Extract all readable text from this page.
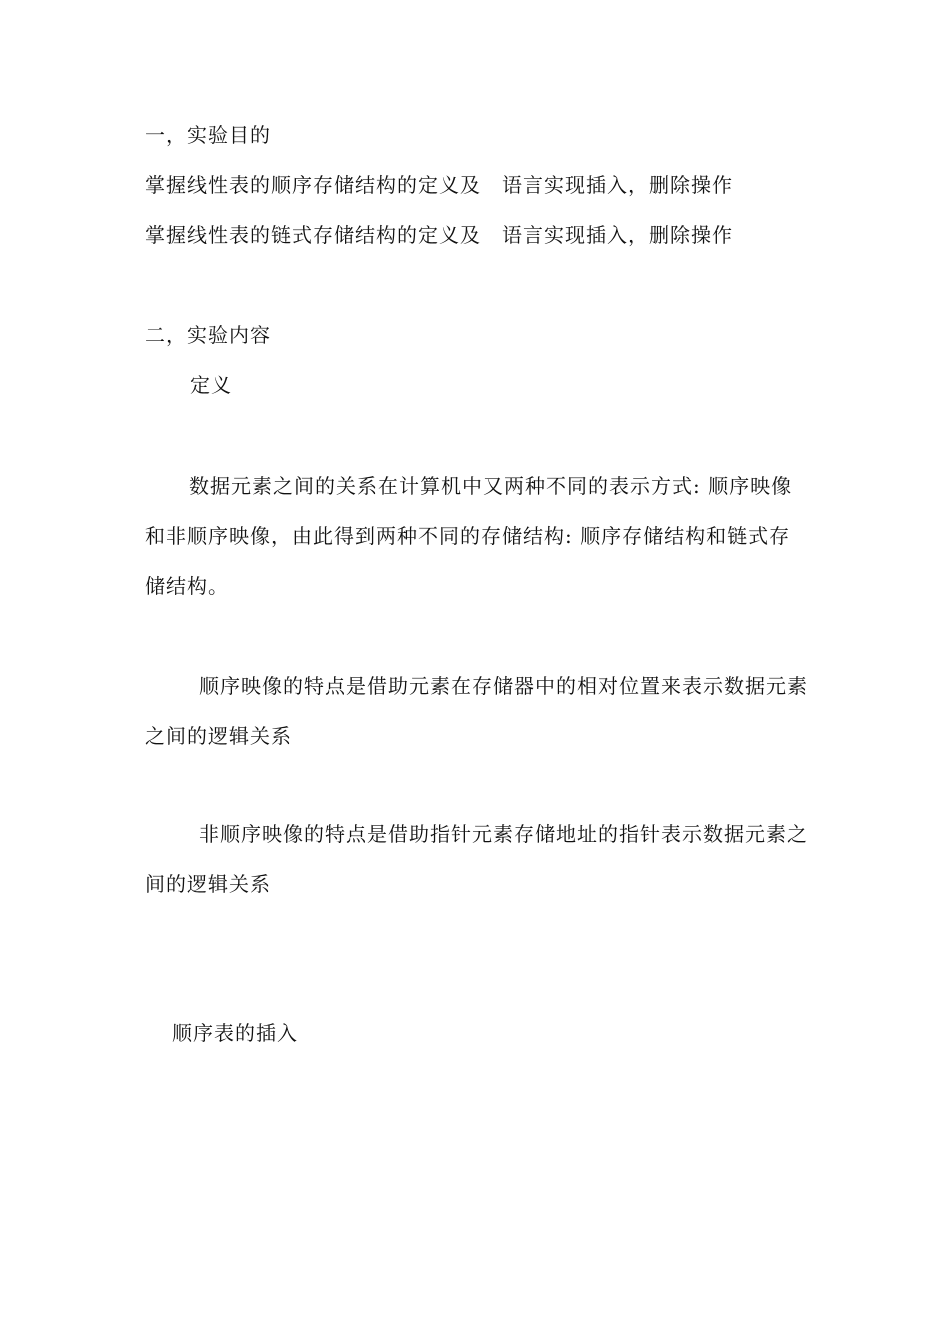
一，实验目的
掌握线性表的顺序存储结构的定义及　语言实现插入，删除操作
掌握线性表的链式存储结构的定义及　语言实现插入，删除操作
二，实验内容
定义
数据元素之间的关系在计算机中又两种不同的表示方式: 顺序映像和非顺序映像，由此得到两种不同的存储结构: 顺序存储结构和链式存储结构。
顺序映像的特点是借助元素在存储器中的相对位置来表示数据元素之间的逻辑关系
非顺序映像的特点是借助指针元素存储地址的指针表示数据元素之间的逻辑关系
顺序表的插入
